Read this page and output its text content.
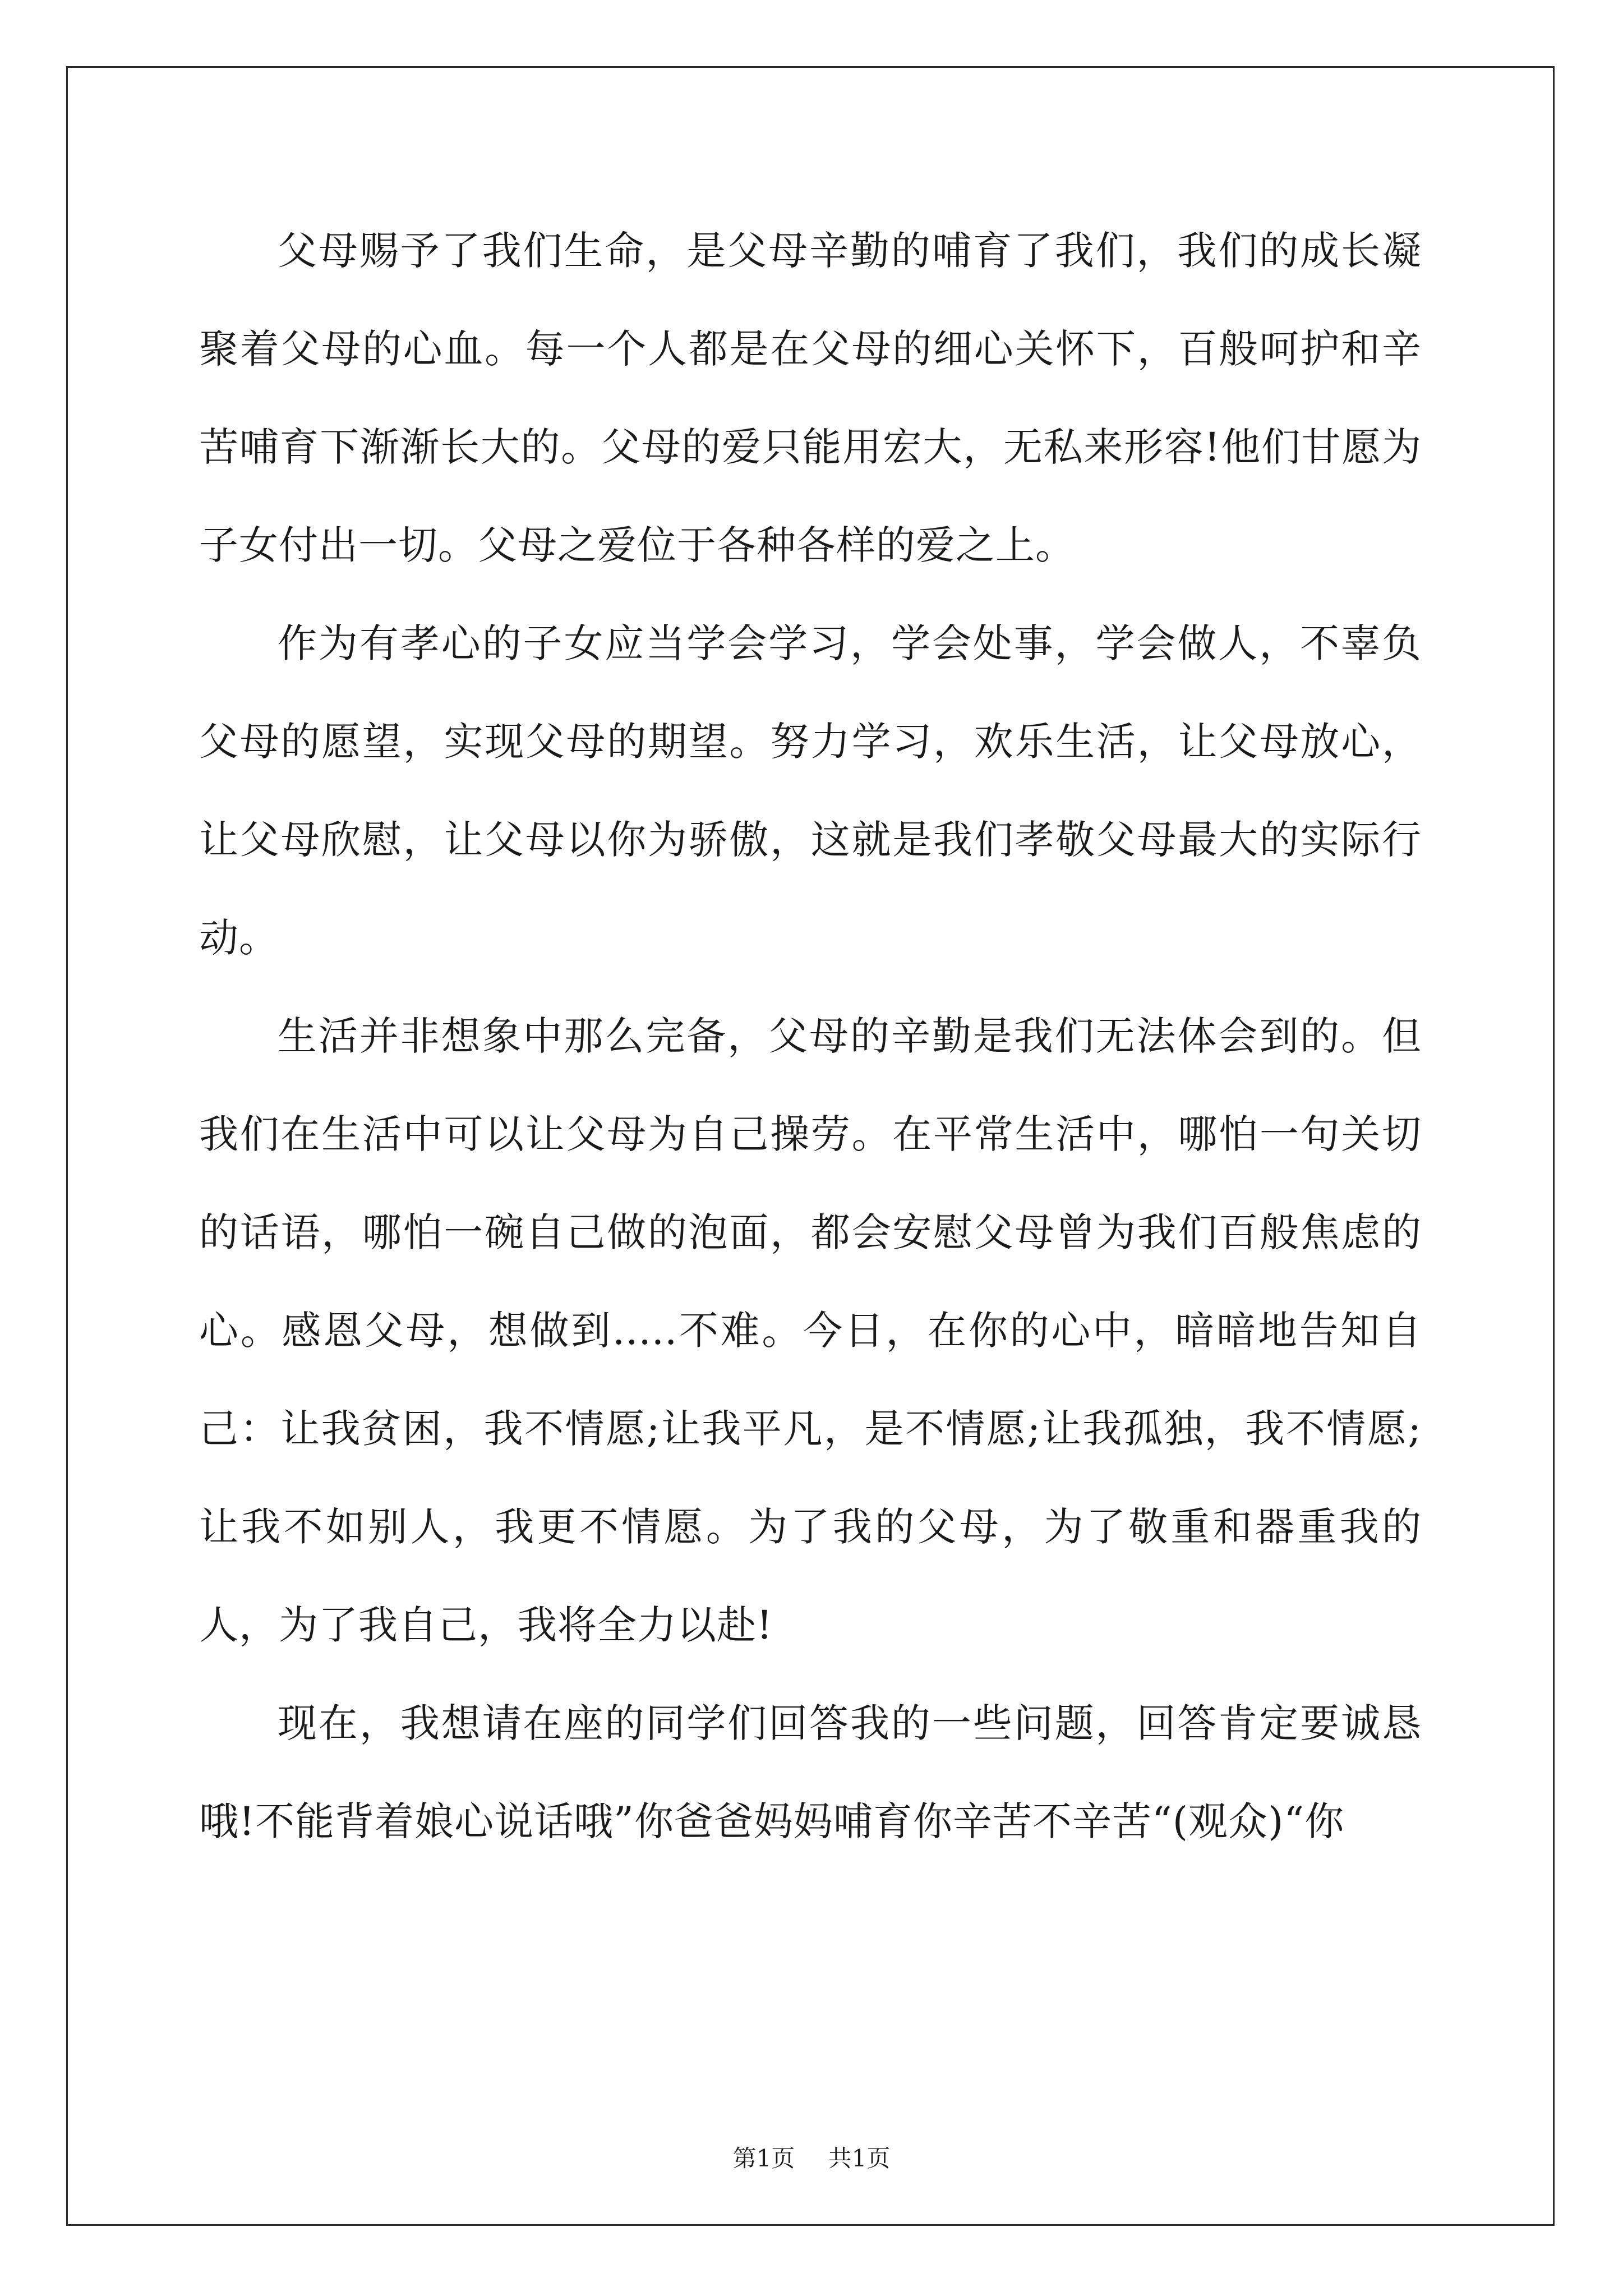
父母赐予了我们生命，是父母辛勤的哺育了我们，我们的成长凝聚着父母的心血。每一个人都是在父母的细心关怀下，百般呵护和辛苦哺育下渐渐长大的。父母的爱只能用宏大，无私来形容!他们甘愿为子女付出一切。父母之爱位于各种各样的爱之上。

作为有孝心的子女应当学会学习，学会处事，学会做人，不辜负父母的愿望，实现父母的期望。努力学习，欢乐生活，让父母放心，让父母欣慰，让父母以你为骄傲，这就是我们孝敬父母最大的实际行动。

生活并非想象中那么完备，父母的辛勤是我们无法体会到的。但我们在生活中可以让父母为自己操劳。在平常生活中，哪怕一句关切的话语，哪怕一碗自己做的泡面，都会安慰父母曾为我们百般焦虑的心。感恩父母，想做到.....不难。今日，在你的心中，暗暗地告知自己：让我贫困，我不情愿;让我平凡，是不情愿;让我孤独，我不情愿;让我不如别人，我更不情愿。为了我的父母，为了敬重和器重我的人，为了我自己，我将全力以赴!

现在，我想请在座的同学们回答我的一些问题，回答肯定要诚恳哦!不能背着娘心说话哦”你爸爸妈妈哺育你辛苦不辛苦“(观众)“你

第1页 共1页
